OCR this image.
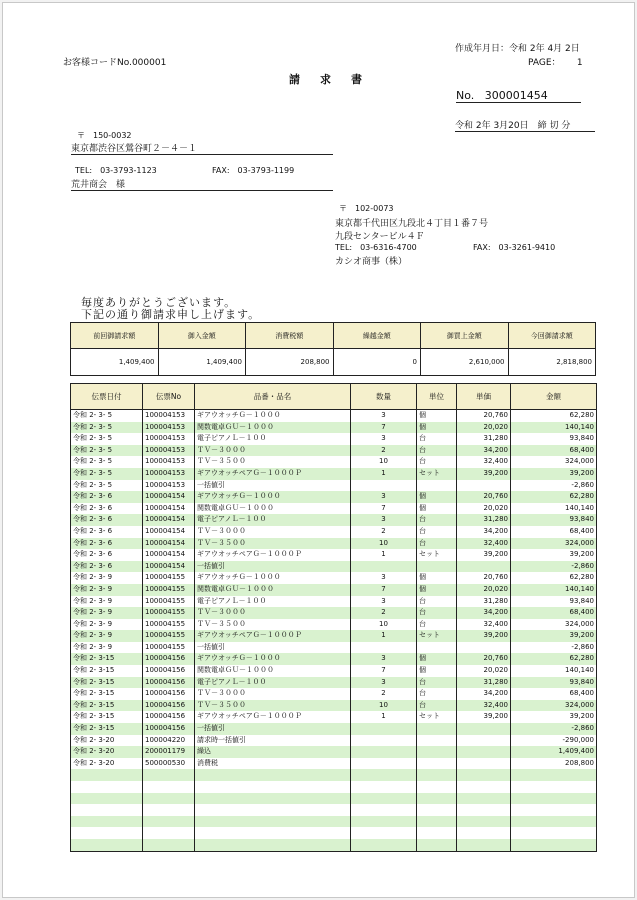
お客様コードNo.000001
作成年月日：令和 2年 4月 2日
PAGE：　　 1
請求書
No. 300001454
令和 2年 3月20日　締 切 分
〒　150-0032
東京都渋谷区鶯谷町２－４－１
TEL:　03-3793-1123	FAX:　03-3793-1199
荒井商会　様
〒　102-0073
東京都千代田区九段北４丁目１番７号
九段センタービル４Ｆ
TEL:　03-6316-4700	FAX:　03-3261-9410
カシオ商事（株）
毎度ありがとうございます。
下記の通り御請求申し上げます。
前回御請求額	御入金額	消費税額	繰越金額	御買上金額	今回御請求額
1,409,400	1,409,400	208,800	0	2,610,000	2,818,800
伝票日付	伝票No	品番・品名	数量	単位	単価	金額
令和 2- 3- 5	100004153	ギアウオッチＧ－１０００	3	個	20,760	62,280
令和 2- 3- 5	100004153	関数電卓ＧＵ－１０００	7	個	20,020	140,140
令和 2- 3- 5	100004153	電子ピアノＬ－１００	3	台	31,280	93,840
令和 2- 3- 5	100004153	ＴＶ－３０００	2	台	34,200	68,400
令和 2- 3- 5	100004153	ＴＶ－３５００	10	台	32,400	324,000
令和 2- 3- 5	100004153	ギアウオッチペアＧ－１０００Ｐ	1	セット	39,200	39,200
令和 2- 3- 5	100004153	一括値引				-2,860
令和 2- 3- 6	100004154	ギアウオッチＧ－１０００	3	個	20,760	62,280
令和 2- 3- 6	100004154	関数電卓ＧＵ－１０００	7	個	20,020	140,140
令和 2- 3- 6	100004154	電子ピアノＬ－１００	3	台	31,280	93,840
令和 2- 3- 6	100004154	ＴＶ－３０００	2	台	34,200	68,400
令和 2- 3- 6	100004154	ＴＶ－３５００	10	台	32,400	324,000
令和 2- 3- 6	100004154	ギアウオッチペアＧ－１０００Ｐ	1	セット	39,200	39,200
令和 2- 3- 6	100004154	一括値引				-2,860
令和 2- 3- 9	100004155	ギアウオッチＧ－１０００	3	個	20,760	62,280
令和 2- 3- 9	100004155	関数電卓ＧＵ－１０００	7	個	20,020	140,140
令和 2- 3- 9	100004155	電子ピアノＬ－１００	3	台	31,280	93,840
令和 2- 3- 9	100004155	ＴＶ－３０００	2	台	34,200	68,400
令和 2- 3- 9	100004155	ＴＶ－３５００	10	台	32,400	324,000
令和 2- 3- 9	100004155	ギアウオッチペアＧ－１０００Ｐ	1	セット	39,200	39,200
令和 2- 3- 9	100004155	一括値引				-2,860
令和 2- 3-15	100004156	ギアウオッチＧ－１０００	3	個	20,760	62,280
令和 2- 3-15	100004156	関数電卓ＧＵ－１０００	7	個	20,020	140,140
令和 2- 3-15	100004156	電子ピアノＬ－１００	3	台	31,280	93,840
令和 2- 3-15	100004156	ＴＶ－３０００	2	台	34,200	68,400
令和 2- 3-15	100004156	ＴＶ－３５００	10	台	32,400	324,000
令和 2- 3-15	100004156	ギアウオッチペアＧ－１０００Ｐ	1	セット	39,200	39,200
令和 2- 3-15	100004156	一括値引				-2,860
令和 2- 3-20	100004220	請求時一括値引				-290,000
令和 2- 3-20	200001179	繰込				1,409,400
令和 2- 3-20	500000530	消費税				208,800
